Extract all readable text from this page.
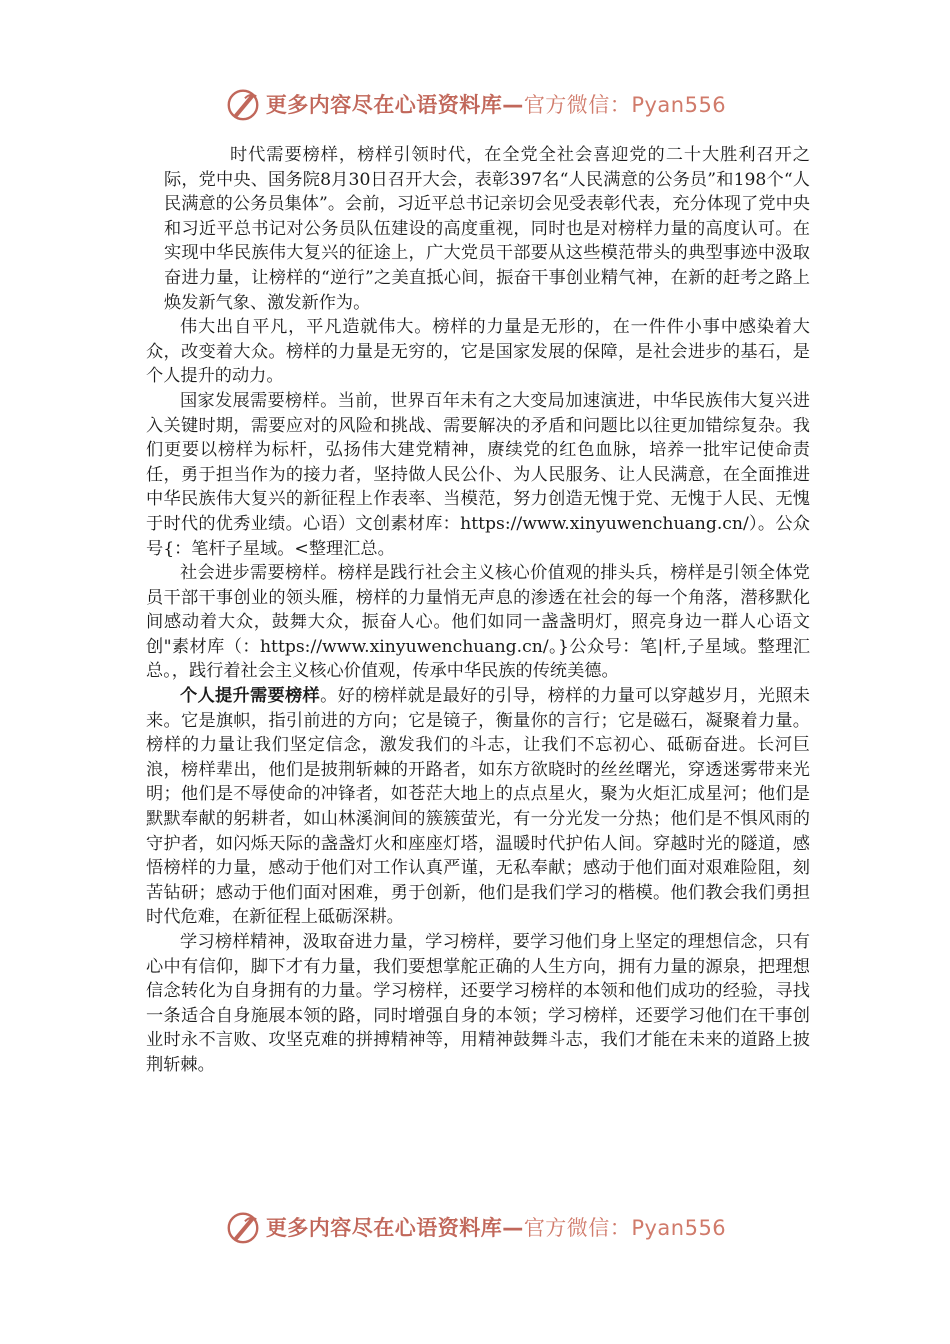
更多内容尽在心语资料库—官方微信：Pyan556

时代需要榜样，榜样引领时代，在全党全社会喜迎党的二十大胜利召开之际，党中央、国务院8月30日召开大会，表彰397名“人民满意的公务员”和198个“人民满意的公务员集体”。会前，习近平总书记亲切会见受表彰代表，充分体现了党中央和习近平总书记对公务员队伍建设的高度重视，同时也是对榜样力量的高度认可。在实现中华民族伟大复兴的征途上，广大党员干部要从这些模范带头的典型事迹中汲取奋进力量，让榜样的“逆行”之美直抵心间，振奋干事创业精气神，在新的赶考之路上焕发新气象、激发新作为。

伟大出自平凡，平凡造就伟大。榜样的力量是无形的，在一件件小事中感染着大众，改变着大众。榜样的力量是无穷的，它是国家发展的保障，是社会进步的基石，是个人提升的动力。

国家发展需要榜样。当前，世界百年未有之大变局加速演进，中华民族伟大复兴进入关键时期，需要应对的风险和挑战、需要解决的矛盾和问题比以往更加错综复杂。我们更要以榜样为标杆，弘扬伟大建党精神，赓续党的红色血脉，培养一批牢记使命责任，勇于担当作为的接力者，坚持做人民公仆、为人民服务、让人民满意，在全面推进中华民族伟大复兴的新征程上作表率、当模范，努力创造无愧于党、无愧于人民、无愧于时代的优秀业绩。心语）文创素材库：https://www.xinyuwenchuang.cn/）。公众号{：笔杆子星域。<整理汇总。

社会进步需要榜样。榜样是践行社会主义核心价值观的排头兵，榜样是引领全体党员干部干事创业的领头雁，榜样的力量悄无声息的渗透在社会的每一个角落，潜移默化间感动着大众，鼓舞大众，振奋人心。他们如同一盏盏明灯，照亮身边一群人心语文创"素材库（：https://www.xinyuwenchuang.cn/。}公众号：笔|杆,子星域。整理汇总。，践行着社会主义核心价值观，传承中华民族的传统美德。

个人提升需要榜样。好的榜样就是最好的引导，榜样的力量可以穿越岁月，光照未来。它是旗帜，指引前进的方向；它是镜子，衡量你的言行；它是磁石，凝聚着力量。榜样的力量让我们坚定信念，激发我们的斗志，让我们不忘初心、砥砺奋进。长河巨浪，榜样辈出，他们是披荆斩棘的开路者，如东方欲晓时的丝丝曙光，穿透迷雾带来光明；他们是不辱使命的冲锋者，如苍茫大地上的点点星火，聚为火炬汇成星河；他们是默默奉献的躬耕者，如山林溪涧间的簇簇萤光，有一分光发一分热；他们是不惧风雨的守护者，如闪烁天际的盏盏灯火和座座灯塔，温暖时代护佑人间。穿越时光的隧道，感悟榜样的力量，感动于他们对工作认真严谨，无私奉献；感动于他们面对艰难险阻，刻苦钻研；感动于他们面对困难，勇于创新，他们是我们学习的楷模。他们教会我们勇担时代危难，在新征程上砥砺深耕。

学习榜样精神，汲取奋进力量，学习榜样，要学习他们身上坚定的理想信念，只有心中有信仰，脚下才有力量，我们要想掌舵正确的人生方向，拥有力量的源泉，把理想信念转化为自身拥有的力量。学习榜样，还要学习榜样的本领和他们成功的经验，寻找一条适合自身施展本领的路，同时增强自身的本领；学习榜样，还要学习他们在干事创业时永不言败、攻坚克难的拼搏精神等，用精神鼓舞斗志，我们才能在未来的道路上披荆斩棘。

更多内容尽在心语资料库—官方微信：Pyan556
